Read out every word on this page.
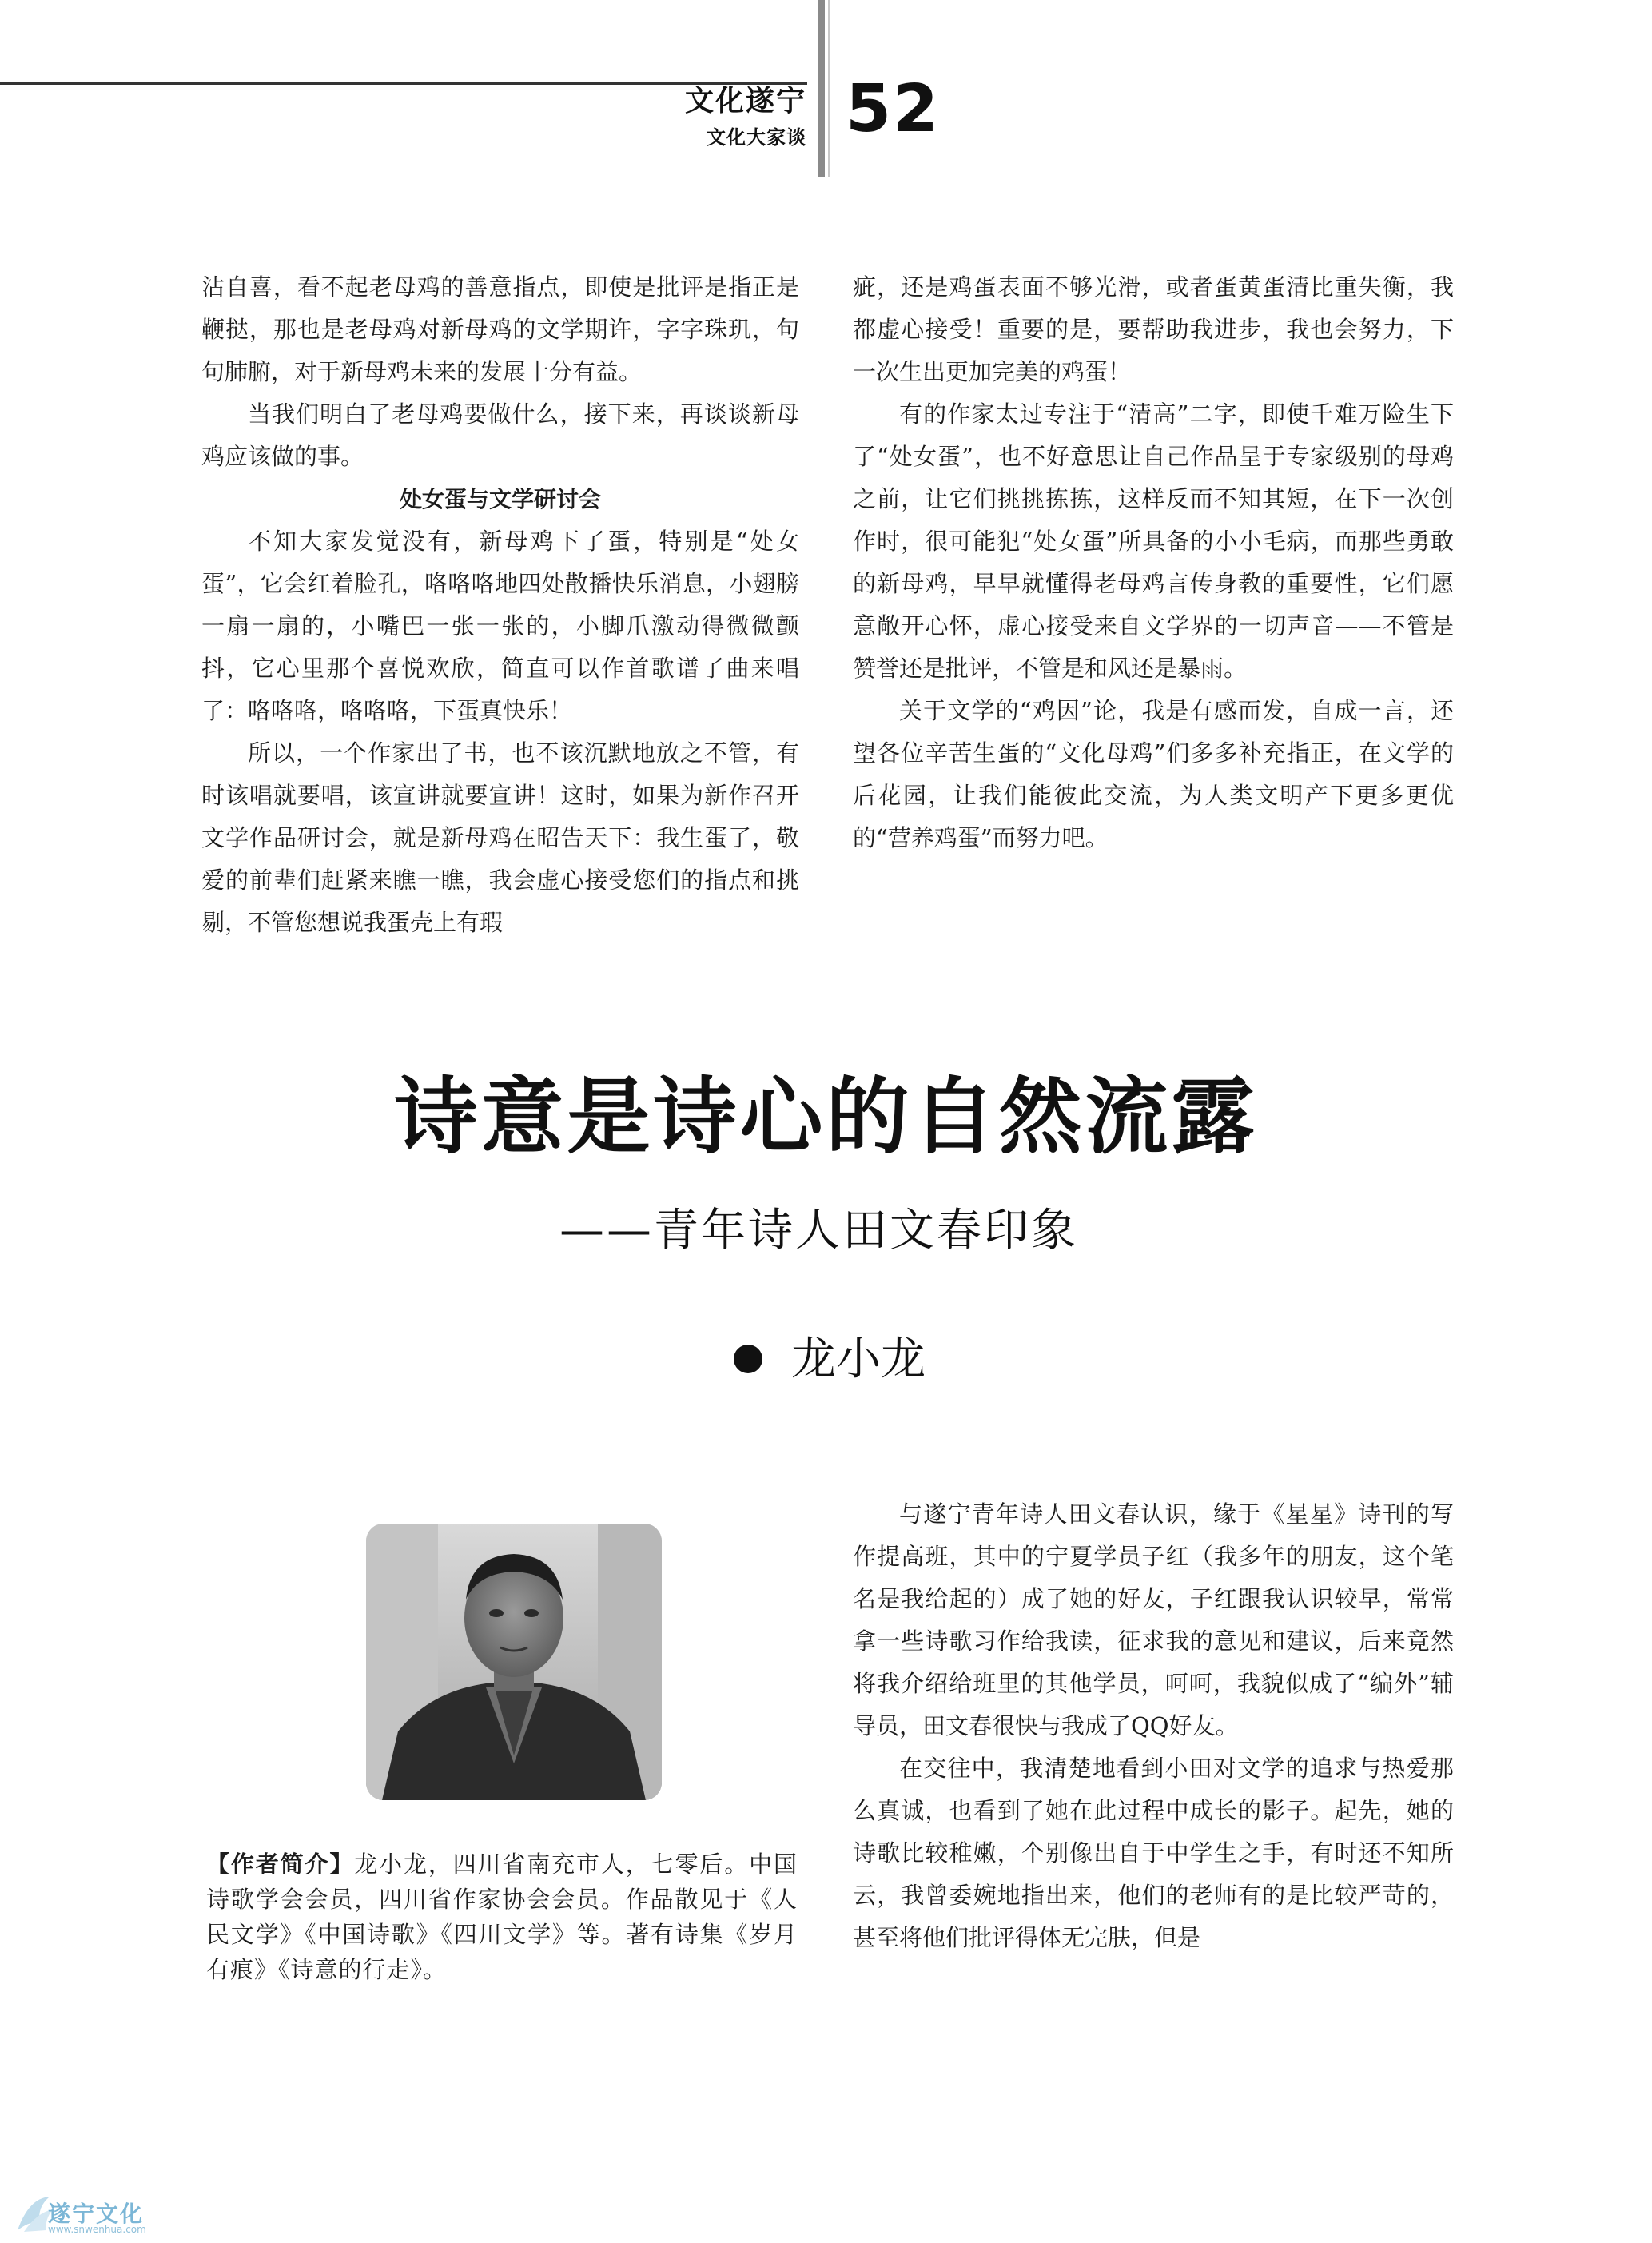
文化遂宁
文化大家谈 52

沾自喜，看不起老母鸡的善意指点，即使是批评是指正是鞭挞，那也是老母鸡对新母鸡的文学期许，字字珠玑，句句肺腑，对于新母鸡未来的发展十分有益。

当我们明白了老母鸡要做什么，接下来，再谈谈新母鸡应该做的事。

处女蛋与文学研讨会

不知大家发觉没有，新母鸡下了蛋，特别是“处女蛋”，它会红着脸孔，咯咯咯地四处散播快乐消息，小翅膀一扇一扇的，小嘴巴一张一张的，小脚爪激动得微微颤抖，它心里那个喜悦欢欣，简直可以作首歌谱了曲来唱了：咯咯咯，咯咯咯，下蛋真快乐！

所以，一个作家出了书，也不该沉默地放之不管，有时该唱就要唱，该宣讲就要宣讲！这时，如果为新作召开文学作品研讨会，就是新母鸡在昭告天下：我生蛋了，敬爱的前辈们赶紧来瞧一瞧，我会虚心接受您们的指点和挑剔，不管您想说我蛋壳上有瑕

疵，还是鸡蛋表面不够光滑，或者蛋黄蛋清比重失衡，我都虚心接受！重要的是，要帮助我进步，我也会努力，下一次生出更加完美的鸡蛋！

有的作家太过专注于“清高”二字，即使千难万险生下了“处女蛋”，也不好意思让自己作品呈于专家级别的母鸡之前，让它们挑挑拣拣，这样反而不知其短，在下一次创作时，很可能犯“处女蛋”所具备的小小毛病，而那些勇敢的新母鸡，早早就懂得老母鸡言传身教的重要性，它们愿意敞开心怀，虚心接受来自文学界的一切声音——不管是赞誉还是批评，不管是和风还是暴雨。

关于文学的“鸡因”论，我是有感而发，自成一言，还望各位辛苦生蛋的“文化母鸡”们多多补充指正，在文学的后花园，让我们能彼此交流，为人类文明产下更多更优的“营养鸡蛋”而努力吧。

诗意是诗心的自然流露
——青年诗人田文春印象
龙小龙
【作者简介】龙小龙，四川省南充市人，七零后。中国诗歌学会会员，四川省作家协会会员。作品散见于《人民文学》《中国诗歌》《四川文学》等。著有诗集《岁月有痕》《诗意的行走》。

与遂宁青年诗人田文春认识，缘于《星星》诗刊的写作提高班，其中的宁夏学员子红（我多年的朋友，这个笔名是我给起的）成了她的好友，子红跟我认识较早，常常拿一些诗歌习作给我读，征求我的意见和建议，后来竟然将我介绍给班里的其他学员，呵呵，我貌似成了“编外”辅导员，田文春很快与我成了QQ好友。

在交往中，我清楚地看到小田对文学的追求与热爱那么真诚，也看到了她在此过程中成长的影子。起先，她的诗歌比较稚嫩，个别像出自于中学生之手，有时还不知所云，我曾委婉地指出来，他们的老师有的是比较严苛的，甚至将他们批评得体无完肤，但是

遂宁文化
www.snwenhua.com
